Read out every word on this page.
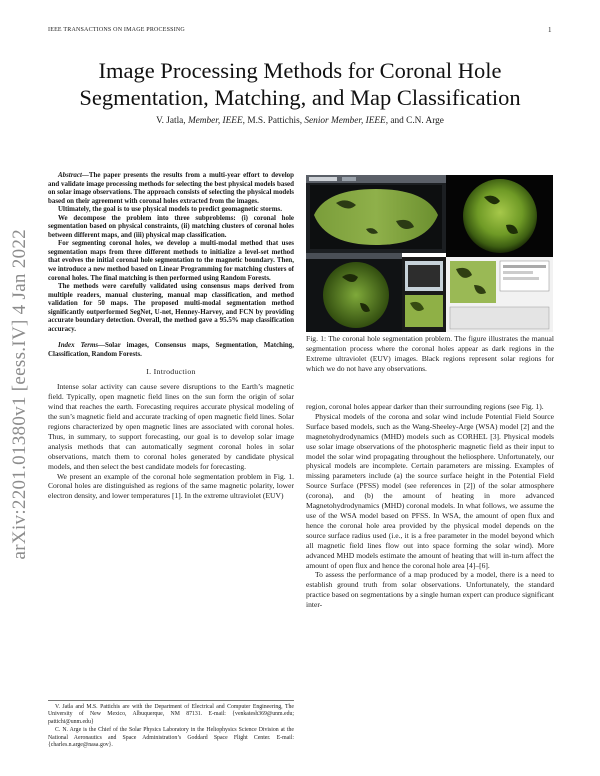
IEEE TRANSACTIONS ON IMAGE PROCESSING	1
arXiv:2201.01380v1 [eess.IV] 4 Jan 2022
Image Processing Methods for Coronal Hole
Segmentation, Matching, and Map Classification
V. Jatla, Member, IEEE, M.S. Pattichis, Senior Member, IEEE, and C.N. Arge

Abstract—The paper presents the results from a multi-year effort to develop and validate image processing methods for selecting the best physical models based on solar image observations. The approach consists of selecting the physical models based on their agreement with coronal holes extracted from the images.

Ultimately, the goal is to use physical models to predict geomagnetic storms.

We decompose the problem into three subproblems: (i) coronal hole segmentation based on physical constraints, (ii) matching clusters of coronal holes between different maps, and (iii) physical map classification.

For segmenting coronal holes, we develop a multi-modal method that uses segmentation maps from three different methods to initialize a level-set method that evolves the initial coronal hole segmentation to the magnetic boundary. Then, we introduce a new method based on Linear Programming for matching clusters of coronal holes. The final matching is then performed using Random Forests.

The methods were carefully validated using consensus maps derived from multiple readers, manual clustering, manual map classification, and method validation for 50 maps. The proposed multi-modal segmentation method significantly outperformed SegNet, U-net, Henney-Harvey, and FCN by providing accurate boundary detection. Overall, the method gave a 95.5% map classification accuracy.

Index Terms—Solar images, Consensus maps, Segmentation, Matching, Classification, Random Forests.

I. Introduction

Intense solar activity can cause severe disruptions to the Earth’s magnetic field. Typically, open magnetic field lines on the sun form the origin of solar wind that reaches the earth. Forecasting requires accurate physical modeling of the sun’s magnetic field and accurate tracking of open magnetic field lines. Solar regions characterized by open magnetic lines are associated with coronal holes. Thus, in summary, to support forecasting, our goal is to develop solar image analysis methods that can automatically segment coronal holes in solar observations, match them to coronal holes generated by candidate physical models, and then select the best candidate models for forecasting.

We present an example of the coronal hole segmentation problem in Fig. 1. Coronal holes are distinguished as regions of the same magnetic polarity, lower electron density, and lower temperatures [1]. In the extreme ultraviolet (EUV)

V. Jatla and M.S. Pattichis are with the Department of Electrical and Computer Engineering, The University of New Mexico, Albuquerque, NM 87131. E-mail: {venkatesh369@unm.edu; pattichi@unm.edu}

C. N. Arge is the Chief of the Solar Physics Laboratory in the Heliophysics Science Division at the National Aeronautics and Space Administration’s Goddard Space Flight Center. E-mail: {charles.n.arge@nasa.gov}.

Fig. 1: The coronal hole segmentation problem. The figure illustrates the manual segmentation process where the coronal holes appear as dark regions in the Extreme ultraviolet (EUV) images. Black regions represent solar regions for which we do not have any observations.

region, coronal holes appear darker than their surrounding regions (see Fig. 1).

Physical models of the corona and solar wind include Potential Field Source Surface based models, such as the Wang-Sheeley-Arge (WSA) model [2] and the magnetohydrodynamics (MHD) models such as CORHEL [3]. Physical models use solar image observations of the photospheric magnetic field as their input to model the solar wind propagating throughout the heliosphere. Unfortunately, our physical models are incomplete. Certain parameters are missing. Examples of missing parameters include (a) the source surface height in the Potential Field Source Surface (PFSS) model (see references in [2]) of the solar atmosphere (corona), and (b) the amount of heating in more advanced Magnetohydrodynamics (MHD) coronal models. In what follows, we assume the use of the WSA model based on PFSS. In WSA, the amount of open flux and hence the coronal hole area provided by the physical model depends on the source surface radius used (i.e., it is a free parameter in the model beyond which all magnetic field lines flow out into space forming the solar wind). More advanced MHD models estimate the amount of heating that will in-turn affect the amount of open flux and hence the coronal hole area [4]–[6].

To assess the performance of a map produced by a model, there is a need to establish ground truth from solar observations. Unfortunately, the standard practice based on segmentations by a single human expert can produce significant inter-
